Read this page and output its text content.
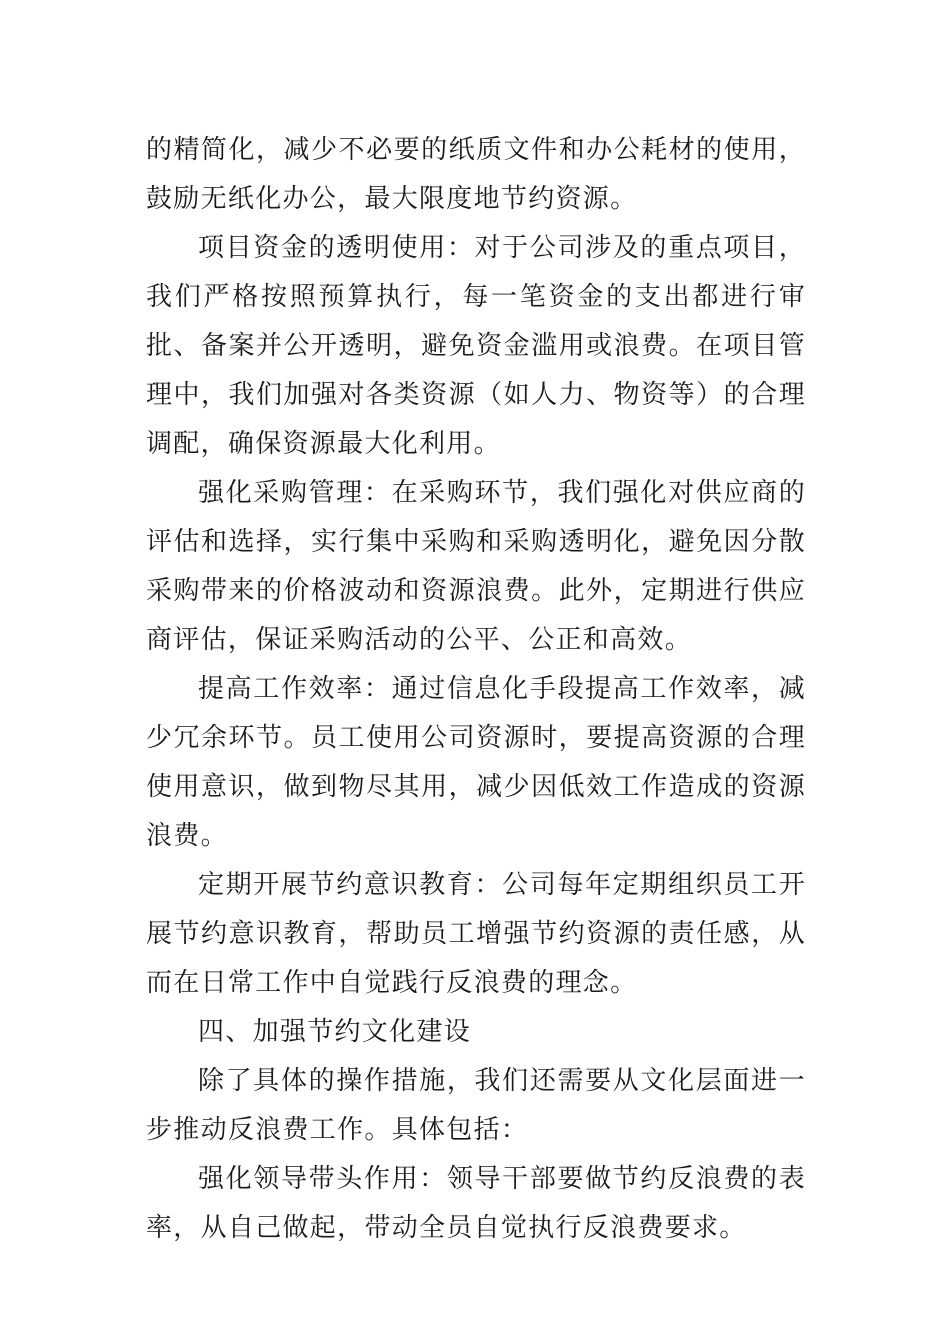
的精简化，减少不必要的纸质文件和办公耗材的使用，鼓励无纸化办公，最大限度地节约资源。

项目资金的透明使用：对于公司涉及的重点项目，我们严格按照预算执行，每一笔资金的支出都进行审批、备案并公开透明，避免资金滥用或浪费。在项目管理中，我们加强对各类资源（如人力、物资等）的合理调配，确保资源最大化利用。

强化采购管理：在采购环节，我们强化对供应商的评估和选择，实行集中采购和采购透明化，避免因分散采购带来的价格波动和资源浪费。此外，定期进行供应商评估，保证采购活动的公平、公正和高效。

提高工作效率：通过信息化手段提高工作效率，减少冗余环节。员工使用公司资源时，要提高资源的合理使用意识，做到物尽其用，减少因低效工作造成的资源浪费。

定期开展节约意识教育：公司每年定期组织员工开展节约意识教育，帮助员工增强节约资源的责任感，从而在日常工作中自觉践行反浪费的理念。

四、加强节约文化建设

除了具体的操作措施，我们还需要从文化层面进一步推动反浪费工作。具体包括：

强化领导带头作用：领导干部要做节约反浪费的表率，从自己做起，带动全员自觉执行反浪费要求。
